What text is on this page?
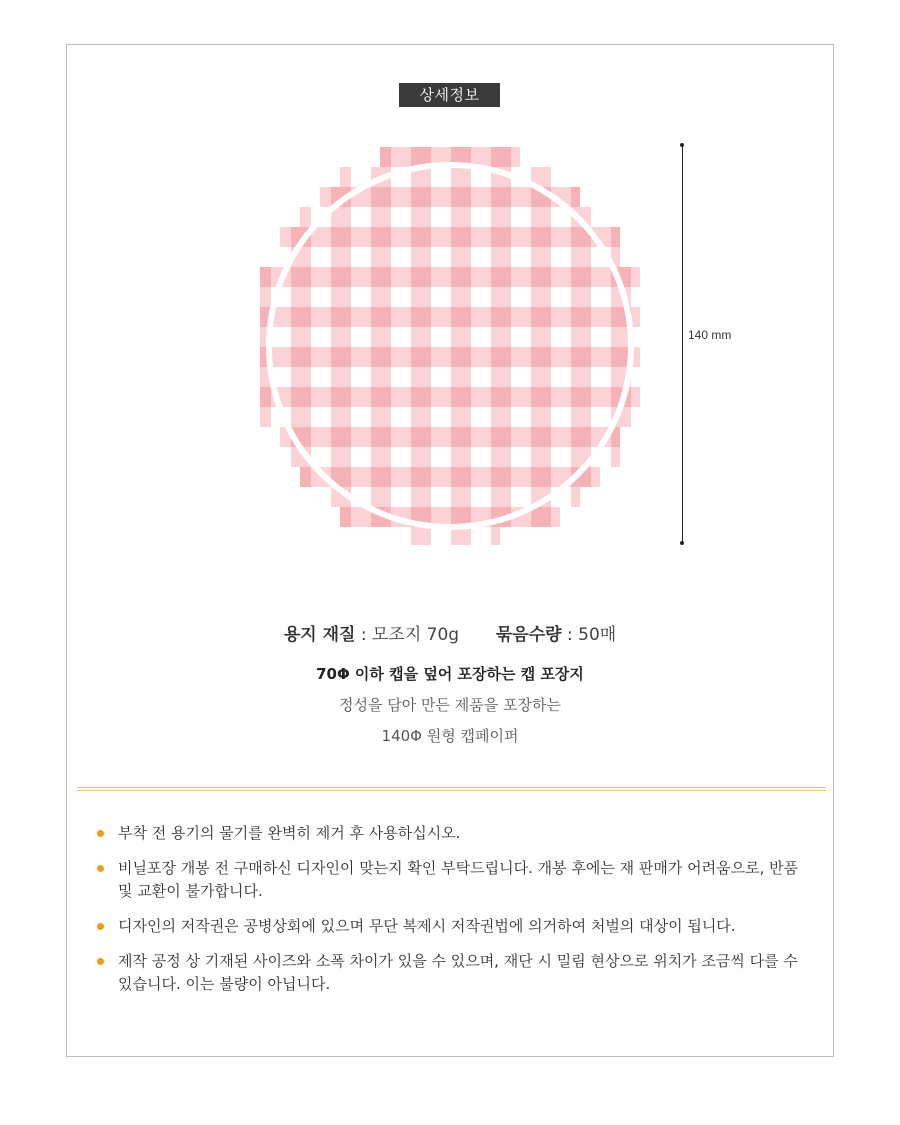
상세정보
140 mm
용지 재질 : 모조지 70g 묶음수량 : 50매
70Φ 이하 캡을 덮어 포장하는 캡 포장지
정성을 담아 만든 제품을 포장하는
140Φ 원형 캡페이퍼
부착 전 용기의 물기를 완벽히 제거 후 사용하십시오.
비닐포장 개봉 전 구매하신 디자인이 맞는지 확인 부탁드립니다. 개봉 후에는 재 판매가 어려움으로, 반품 및 교환이 불가합니다.
디자인의 저작권은 공병상회에 있으며 무단 복제시 저작권법에 의거하여 처벌의 대상이 됩니다.
제작 공정 상 기재된 사이즈와 소폭 차이가 있을 수 있으며, 재단 시 밀림 현상으로 위치가 조금씩 다를 수 있습니다. 이는 불량이 아닙니다.
